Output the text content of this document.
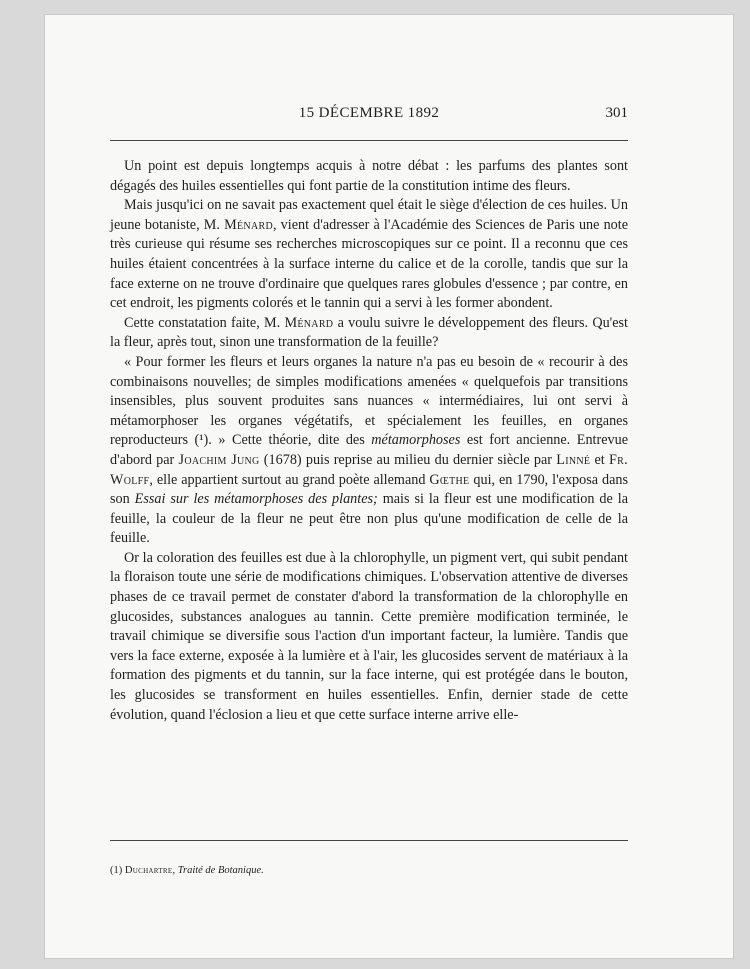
15 DÉCEMBRE 1892	301

Un point est depuis longtemps acquis à notre débat : les parfums des plantes sont dégagés des huiles essentielles qui font partie de la constitution intime des fleurs.

Mais jusqu'ici on ne savait pas exactement quel était le siège d'élection de ces huiles. Un jeune botaniste, M. Ménard, vient d'adresser à l'Académie des Sciences de Paris une note très curieuse qui résume ses recherches microscopiques sur ce point. Il a reconnu que ces huiles étaient concentrées à la surface interne du calice et de la corolle, tandis que sur la face externe on ne trouve d'ordinaire que quelques rares globules d'essence ; par contre, en cet endroit, les pigments colorés et le tannin qui a servi à les former abondent.

Cette constatation faite, M. Ménard a voulu suivre le développement des fleurs. Qu'est la fleur, après tout, sinon une transformation de la feuille?

« Pour former les fleurs et leurs organes la nature n'a pas eu besoin de « recourir à des combinaisons nouvelles; de simples modifications amenées « quelquefois par transitions insensibles, plus souvent produites sans nuances « intermédiaires, lui ont servi à métamorphoser les organes végétatifs, et spécialement les feuilles, en organes reproducteurs (¹). » Cette théorie, dite des métamorphoses est fort ancienne. Entrevue d'abord par Joachim Jung (1678) puis reprise au milieu du dernier siècle par Linné et Fr. Wolff, elle appartient surtout au grand poète allemand Gœthe qui, en 1790, l'exposa dans son Essai sur les métamorphoses des plantes; mais si la fleur est une modification de la feuille, la couleur de la fleur ne peut être non plus qu'une modification de celle de la feuille.

Or la coloration des feuilles est due à la chlorophylle, un pigment vert, qui subit pendant la floraison toute une série de modifications chimiques. L'observation attentive de diverses phases de ce travail permet de constater d'abord la transformation de la chlorophylle en glucosides, substances analogues au tannin. Cette première modification terminée, le travail chimique se diversifie sous l'action d'un important facteur, la lumière. Tandis que vers la face externe, exposée à la lumière et à l'air, les glucosides servent de matériaux à la formation des pigments et du tannin, sur la face interne, qui est protégée dans le bouton, les glucosides se transforment en huiles essentielles. Enfin, dernier stade de cette évolution, quand l'éclosion a lieu et que cette surface interne arrive elle-

(1) Duchartre, Traité de Botanique.
